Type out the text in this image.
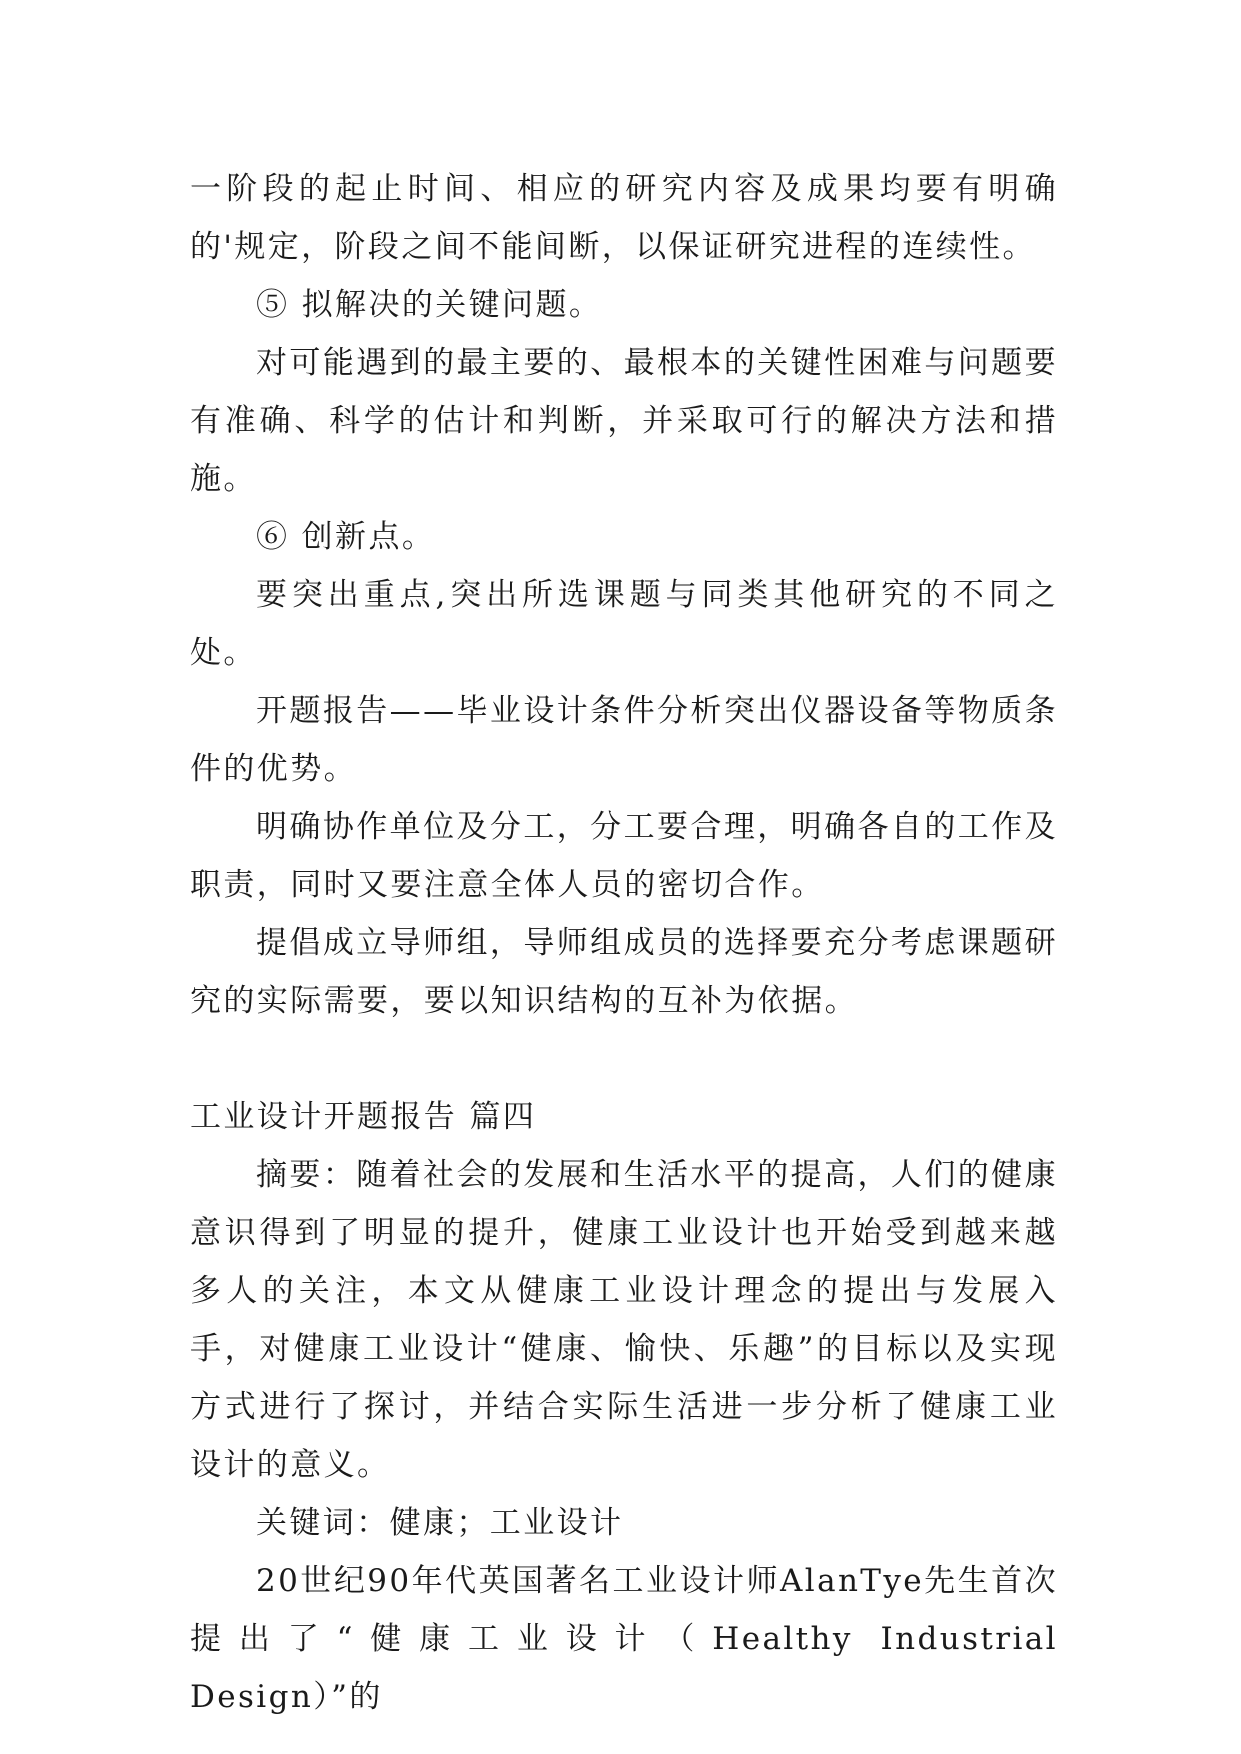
一阶段的起止时间、相应的研究内容及成果均要有明确的'规定，阶段之间不能间断，以保证研究进程的连续性。

⑤ 拟解决的关键问题。

对可能遇到的最主要的、最根本的关键性困难与问题要有准确、科学的估计和判断，并采取可行的解决方法和措施。

⑥ 创新点。

要突出重点,突出所选课题与同类其他研究的不同之处。

开题报告——毕业设计条件分析突出仪器设备等物质条件的优势。

明确协作单位及分工，分工要合理，明确各自的工作及职责，同时又要注意全体人员的密切合作。

提倡成立导师组，导师组成员的选择要充分考虑课题研究的实际需要，要以知识结构的互补为依据。

工业设计开题报告 篇四

摘要：随着社会的发展和生活水平的提高，人们的健康意识得到了明显的提升，健康工业设计也开始受到越来越多人的关注，本文从健康工业设计理念的提出与发展入手，对健康工业设计“健康、愉快、乐趣”的目标以及实现方式进行了探讨，并结合实际生活进一步分析了健康工业设计的意义。

关键词：健康；工业设计

20世纪90年代英国著名工业设计师AlanTye先生首次提出了“健康工业设计（Healthy Industrial Design）”的
